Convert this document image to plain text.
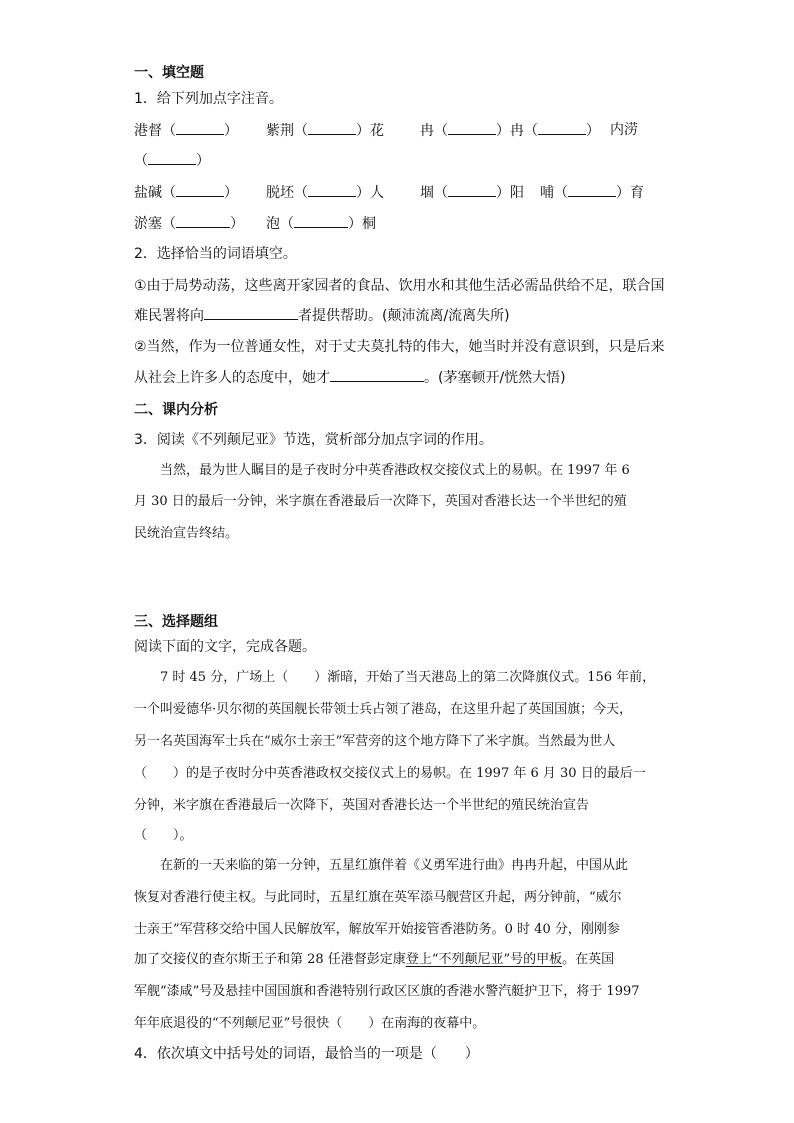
一、填空题
1．给下列加点字注音。
港督（	） 紫荆（	）花	冉（	）冉（	） 内涝
（	）
盐碱（	） 脱坯（	）人	堌（	）阳 哺（	）育
淤塞（	） 泡（	）桐
2．选择恰当的词语填空。
①由于局势动荡，这些离开家园者的食品、饮用水和其他生活必需品供给不足，联合国
难民署将向	者提供帮助。(颠沛流离/流离失所)
②当然，作为一位普通女性，对于丈夫莫扎特的伟大，她当时并没有意识到，只是后来
从社会上许多人的态度中，她才	。(茅塞顿开/恍然大悟)
二、课内分析
3．阅读《不列颠尼亚》节选，赏析部分加点字词的作用。
当然，最为世人瞩目的是子夜时分中英香港政权交接仪式上的易帜。在 1997 年 6
月 30 日的最后一分钟，米字旗在香港最后一次降下，英国对香港长达一个半世纪的殖
民统治宣告终结。
三、选择题组
阅读下面的文字，完成各题。
7 时 45 分，广场上（　　）渐暗，开始了当天港岛上的第二次降旗仪式。156 年前，
一个叫爱德华·贝尔彻的英国舰长带领士兵占领了港岛，在这里升起了英国国旗；今天，
另一名英国海军士兵在“威尔士亲王”军营旁的这个地方降下了米字旗。当然最为世人
（　　）的是子夜时分中英香港政权交接仪式上的易帜。在 1997 年 6 月 30 日的最后一
分钟，米字旗在香港最后一次降下，英国对香港长达一个半世纪的殖民统治宣告
（　　）。
在新的一天来临的第一分钟，五星红旗伴着《义勇军进行曲》冉冉升起，中国从此
恢复对香港行使主权。与此同时，五星红旗在英军添马舰营区升起，两分钟前，“威尔
士亲王”军营移交给中国人民解放军，解放军开始接管香港防务。0 时 40 分，刚刚参
加了交接仪的查尔斯王子和第 28 任港督彭定康登上“不列颠尼亚”号的甲板。在英国
军舰“漆咸”号及悬挂中国国旗和香港特别行政区区旗的香港水警汽艇护卫下，将于 1997
年年底退役的“不列颠尼亚”号很快（　　）在南海的夜幕中。
4．依次填文中括号处的词语，最恰当的一项是（　　）
